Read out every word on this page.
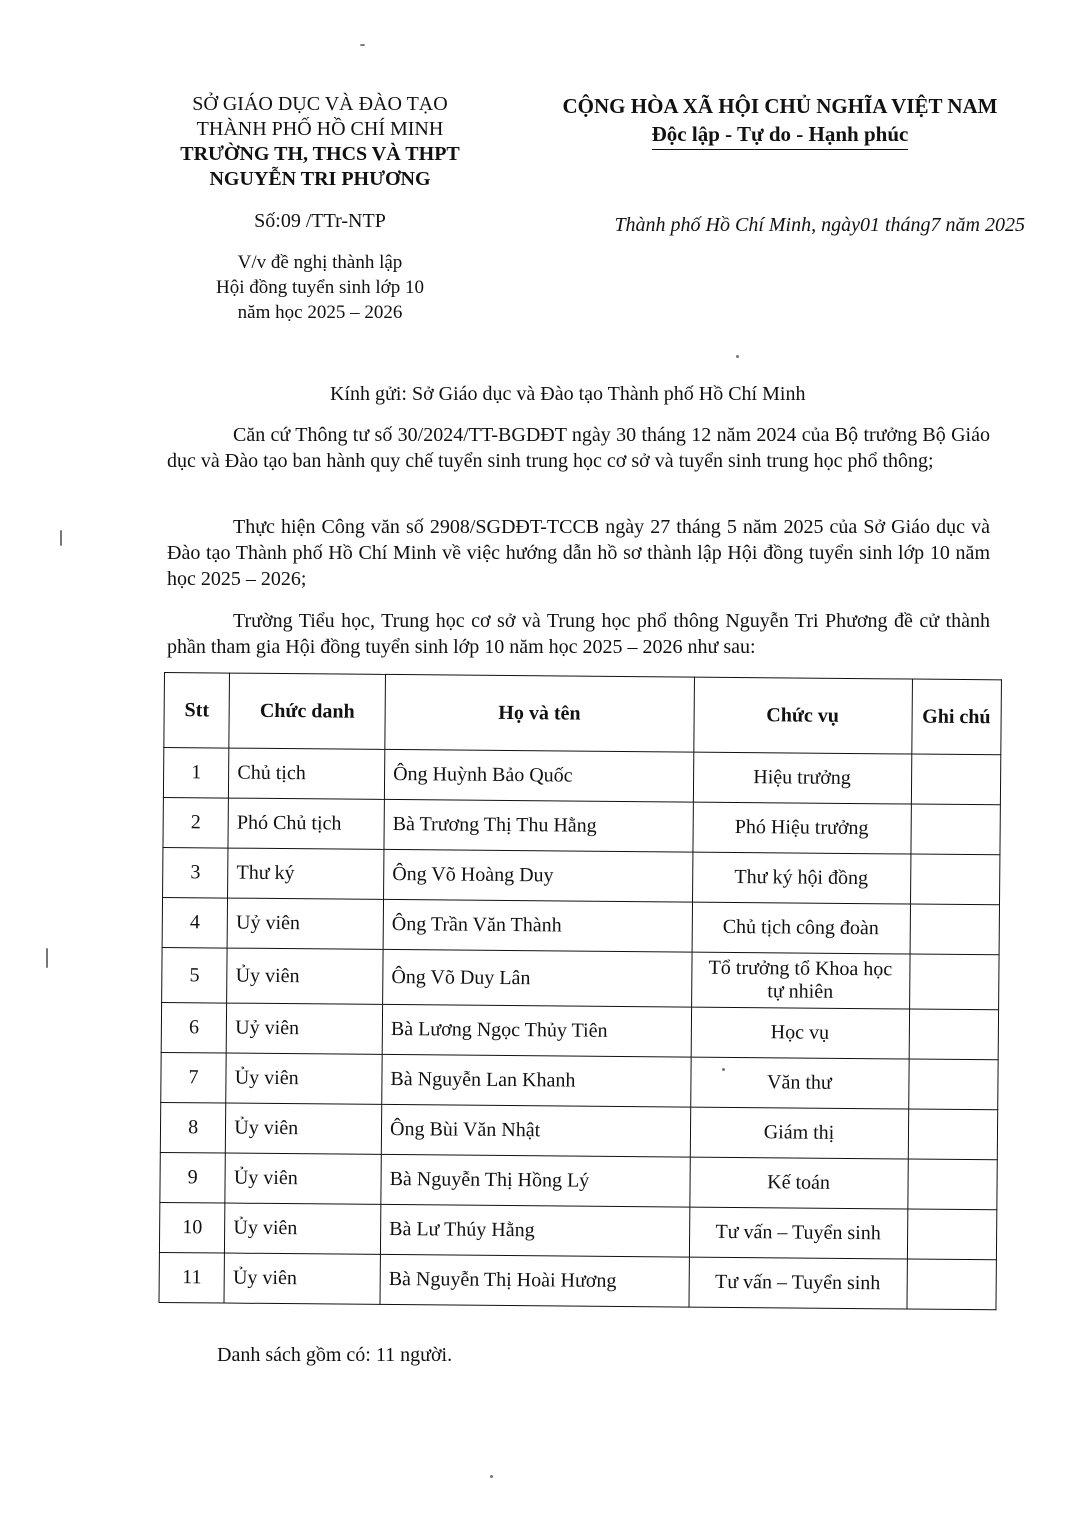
SỞ GIÁO DỤC VÀ ĐÀO TẠO
THÀNH PHỐ HỒ CHÍ MINH
TRƯỜNG TH, THCS VÀ THPT
NGUYỄN TRI PHƯƠNG
CỘNG HÒA XÃ HỘI CHỦ NGHĨA VIỆT NAM
Độc lập - Tự do - Hạnh phúc
Số:09 /TTr-NTP	Thành phố Hồ Chí Minh, ngày01 tháng7 năm 2025
V/v đề nghị thành lập
Hội đồng tuyển sinh lớp 10
năm học 2025 – 2026
Kính gửi: Sở Giáo dục và Đào tạo Thành phố Hồ Chí Minh
Căn cứ Thông tư số 30/2024/TT-BGDĐT ngày 30 tháng 12 năm 2024 của Bộ trưởng Bộ Giáo dục và Đào tạo ban hành quy chế tuyển sinh trung học cơ sở và tuyển sinh trung học phổ thông;
Thực hiện Công văn số 2908/SGDĐT-TCCB ngày 27 tháng 5 năm 2025 của Sở Giáo dục và Đào tạo Thành phố Hồ Chí Minh về việc hướng dẫn hồ sơ thành lập Hội đồng tuyển sinh lớp 10 năm học 2025 – 2026;
Trường Tiểu học, Trung học cơ sở và Trung học phổ thông Nguyễn Tri Phương đề cử thành phần tham gia Hội đồng tuyển sinh lớp 10 năm học 2025 – 2026 như sau:
Stt	Chức danh	Họ và tên	Chức vụ	Ghi chú
1	Chủ tịch	Ông Huỳnh Bảo Quốc	Hiệu trưởng	
2	Phó Chủ tịch	Bà Trương Thị Thu Hằng	Phó Hiệu trưởng	
3	Thư ký	Ông Võ Hoàng Duy	Thư ký hội đồng	
4	Uỷ viên	Ông Trần Văn Thành	Chủ tịch công đoàn	
5	Ủy viên	Ông Võ Duy Lân	Tổ trưởng tổ Khoa học tự nhiên	
6	Uỷ viên	Bà Lương Ngọc Thủy Tiên	Học vụ	
7	Ủy viên	Bà Nguyễn Lan Khanh	Văn thư	
8	Ủy viên	Ông Bùi Văn Nhật	Giám thị	
9	Ủy viên	Bà Nguyễn Thị Hồng Lý	Kế toán	
10	Ủy viên	Bà Lư Thúy Hằng	Tư vấn – Tuyển sinh	
11	Ủy viên	Bà Nguyễn Thị Hoài Hương	Tư vấn – Tuyển sinh	
Danh sách gồm có: 11 người.
